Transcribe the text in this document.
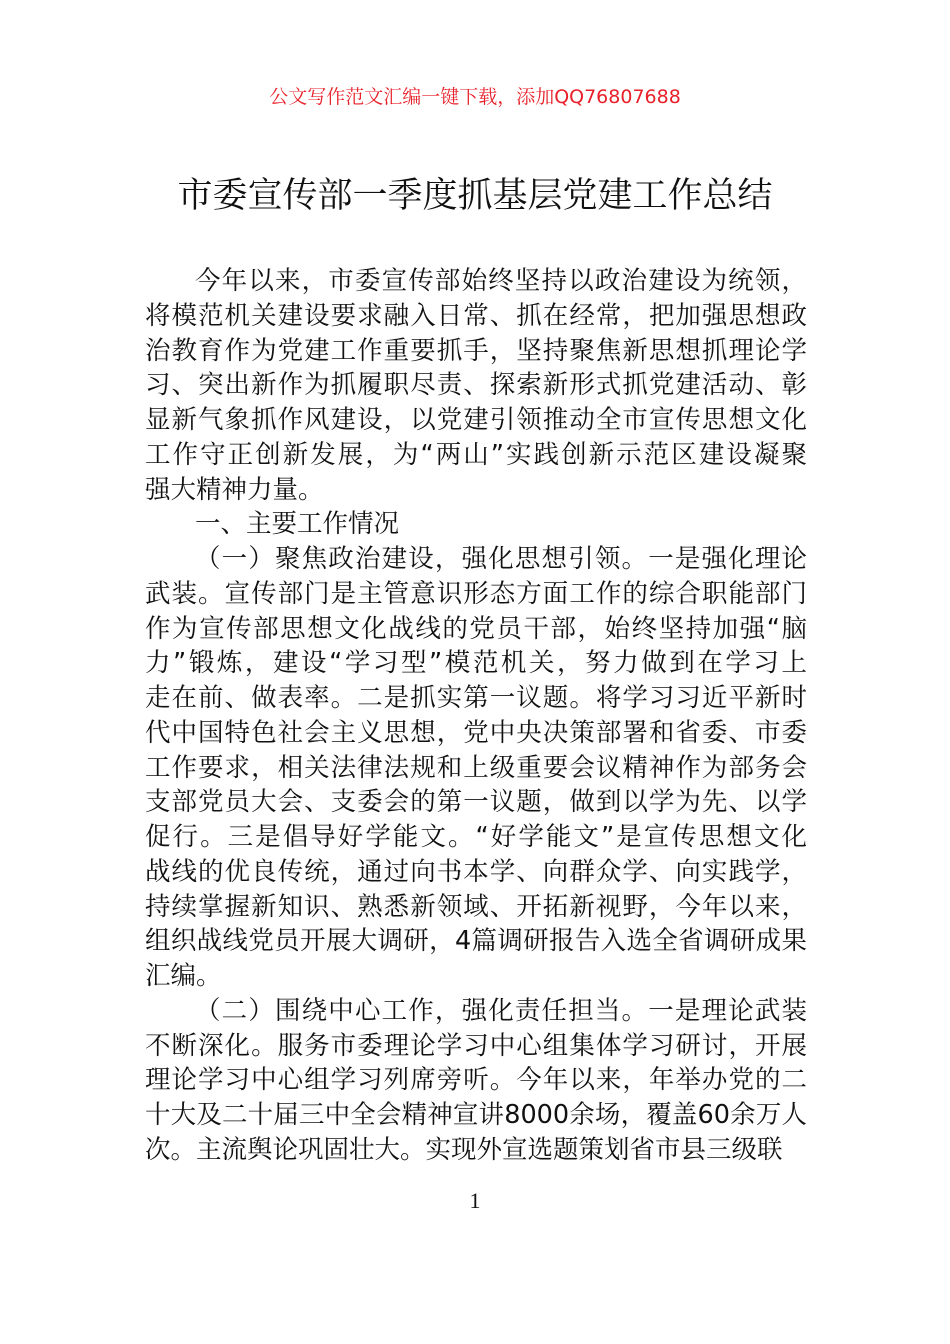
公文写作范文汇编一键下载，添加QQ76807688
市委宣传部一季度抓基层党建工作总结
今年以来，市委宣传部始终坚持以政治建设为统领，
将模范机关建设要求融入日常、抓在经常，把加强思想政
治教育作为党建工作重要抓手，坚持聚焦新思想抓理论学
习、突出新作为抓履职尽责、探索新形式抓党建活动、彰
显新气象抓作风建设，以党建引领推动全市宣传思想文化
工作守正创新发展，为“两山”实践创新示范区建设凝聚
强大精神力量。
一、主要工作情况
（一）聚焦政治建设，强化思想引领。一是强化理论
武装。宣传部门是主管意识形态方面工作的综合职能部门
作为宣传部思想文化战线的党员干部，始终坚持加强“脑
力”锻炼，建设“学习型”模范机关，努力做到在学习上
走在前、做表率。二是抓实第一议题。将学习习近平新时
代中国特色社会主义思想，党中央决策部署和省委、市委
工作要求，相关法律法规和上级重要会议精神作为部务会
支部党员大会、支委会的第一议题，做到以学为先、以学
促行。三是倡导好学能文。“好学能文”是宣传思想文化
战线的优良传统，通过向书本学、向群众学、向实践学，
持续掌握新知识、熟悉新领域、开拓新视野，今年以来，
组织战线党员开展大调研，4篇调研报告入选全省调研成果
汇编。
（二）围绕中心工作，强化责任担当。一是理论武装
不断深化。服务市委理论学习中心组集体学习研讨，开展
理论学习中心组学习列席旁听。今年以来，年举办党的二
十大及二十届三中全会精神宣讲8000余场，覆盖60余万人
次。主流舆论巩固壮大。实现外宣选题策划省市县三级联
1
